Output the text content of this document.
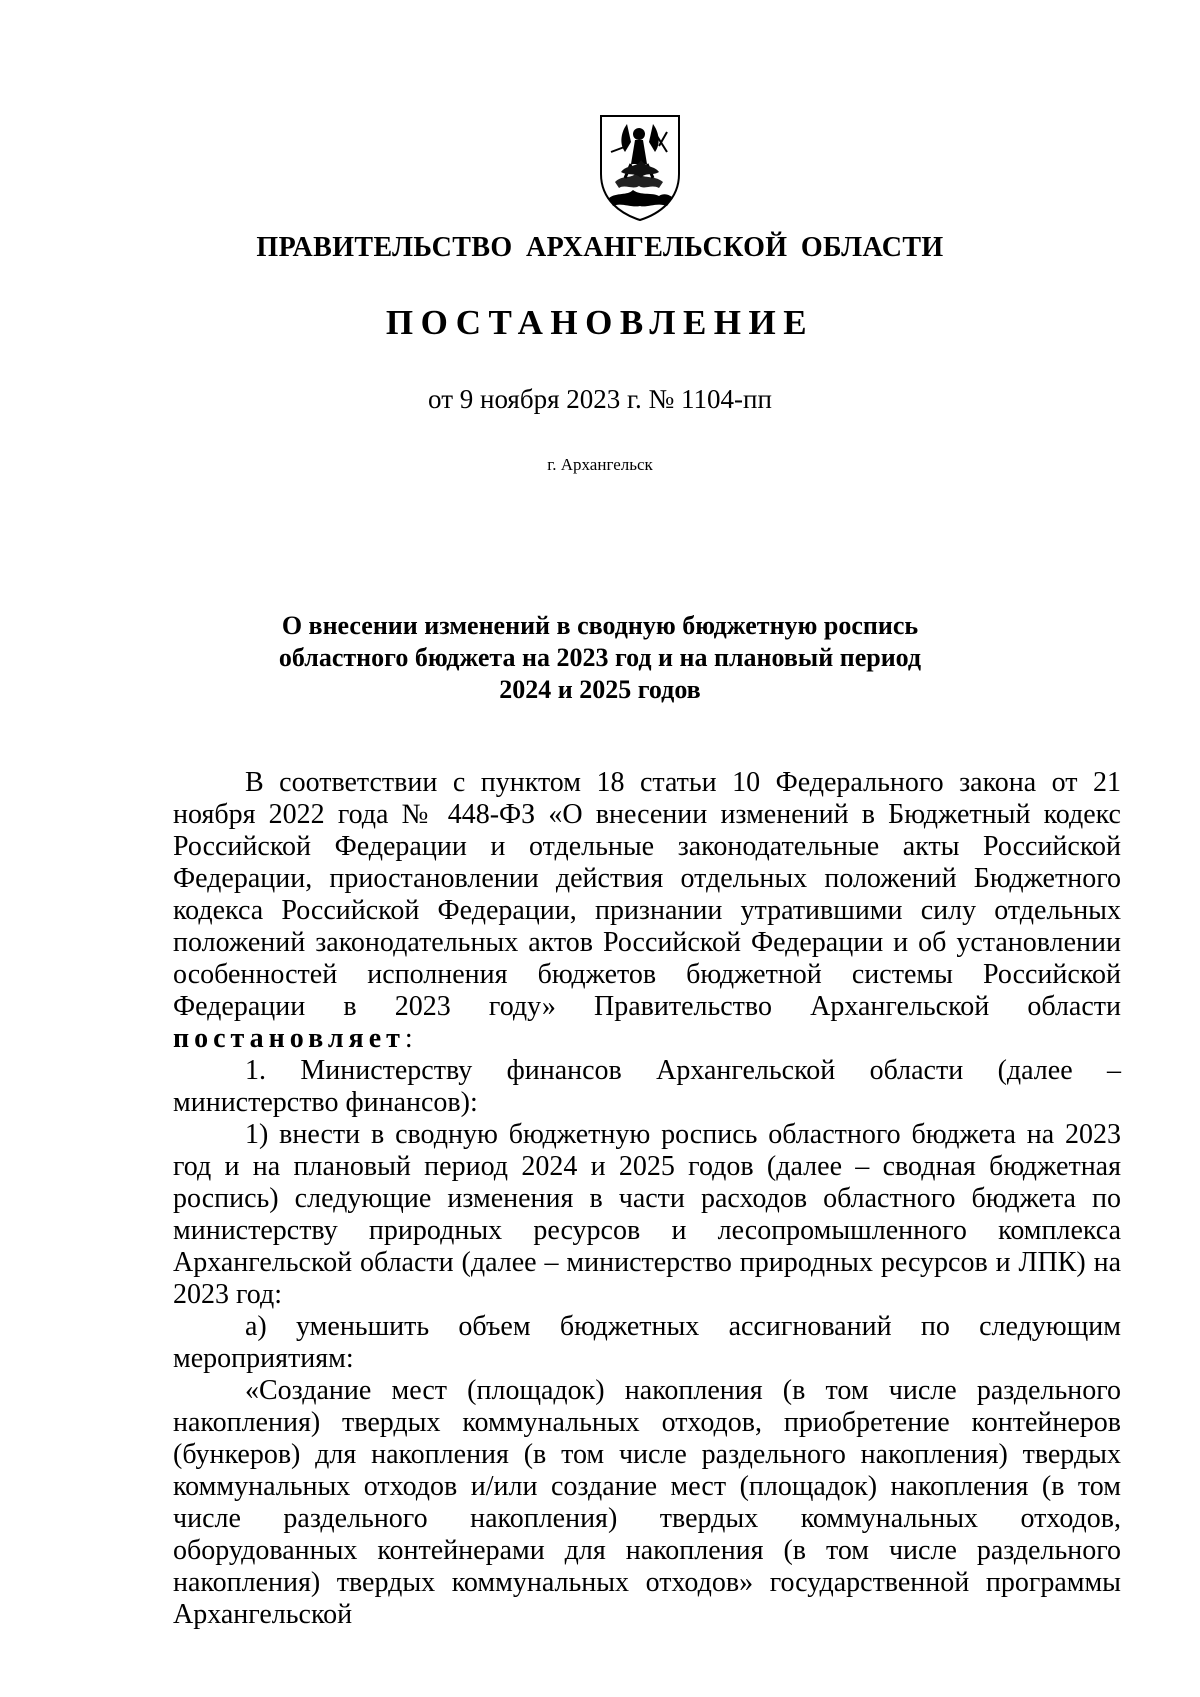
ПРАВИТЕЛЬСТВО АРХАНГЕЛЬСКОЙ ОБЛАСТИ
ПОСТАНОВЛЕНИЕ
от 9 ноября 2023 г. № 1104-пп
г. Архангельск
О внесении изменений в сводную бюджетную роспись
областного бюджета на 2023 год и на плановый период
2024 и 2025 годов

В соответствии с пунктом 18 статьи 10 Федерального закона от 21 ноября 2022 года № 448-ФЗ «О внесении изменений в Бюджетный кодекс Российской Федерации и отдельные законодательные акты Российской Федерации, приостановлении действия отдельных положений Бюджетного кодекса Российской Федерации, признании утратившими силу отдельных положений законодательных актов Российской Федерации и об установлении особенностей исполнения бюджетов бюджетной системы Российской Федерации в 2023 году» Правительство Архангельской области постановляет:

1. Министерству финансов Архангельской области (далее – министерство финансов):

1) внести в сводную бюджетную роспись областного бюджета на 2023 год и на плановый период 2024 и 2025 годов (далее – сводная бюджетная роспись) следующие изменения в части расходов областного бюджета по министерству природных ресурсов и лесопромышленного комплекса Архангельской области (далее – министерство природных ресурсов и ЛПК) на 2023 год:

а) уменьшить объем бюджетных ассигнований по следующим мероприятиям:

«Создание мест (площадок) накопления (в том числе раздельного накопления) твердых коммунальных отходов, приобретение контейнеров (бункеров) для накопления (в том числе раздельного накопления) твердых коммунальных отходов и/или создание мест (площадок) накопления (в том числе раздельного накопления) твердых коммунальных отходов, оборудованных контейнерами для накопления (в том числе раздельного накопления) твердых коммунальных отходов» государственной программы Архангельской
